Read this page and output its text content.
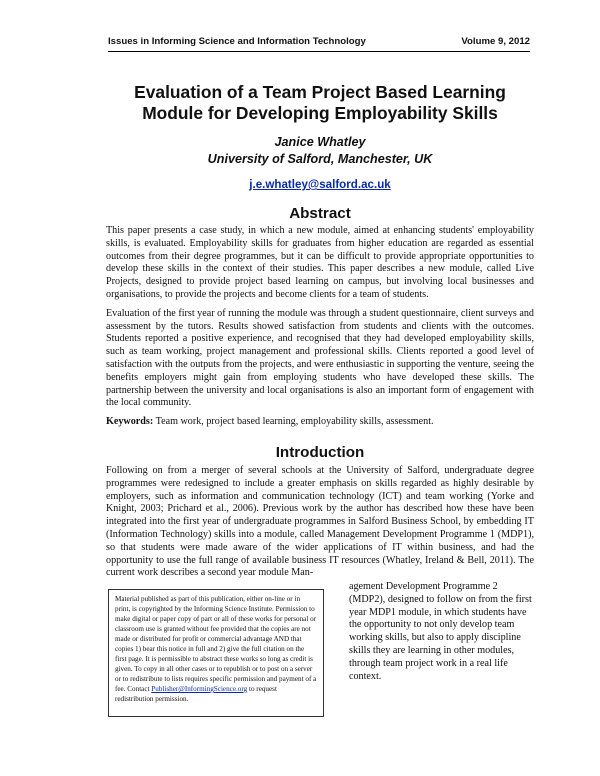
Issues in Informing Science and Information Technology	Volume 9, 2012
Evaluation of a Team Project Based Learning
Module for Developing Employability Skills
Janice Whatley
University of Salford, Manchester, UK
j.e.whatley@salford.ac.uk
Abstract

This paper presents a case study, in which a new module, aimed at enhancing students' employability skills, is evaluated. Employability skills for graduates from higher education are regarded as essential outcomes from their degree programmes, but it can be difficult to provide appropriate opportunities to develop these skills in the context of their studies. This paper describes a new module, called Live Projects, designed to provide project based learning on campus, but involving local businesses and organisations, to provide the projects and become clients for a team of students.

Evaluation of the first year of running the module was through a student questionnaire, client surveys and assessment by the tutors. Results showed satisfaction from students and clients with the outcomes. Students reported a positive experience, and recognised that they had developed employability skills, such as team working, project management and professional skills. Clients reported a good level of satisfaction with the outputs from the projects, and were enthusiastic in supporting the venture, seeing the benefits employers might gain from employing students who have developed these skills. The partnership between the university and local organisations is also an important form of engagement with the local community.

Keywords: Team work, project based learning, employability skills, assessment.

Introduction

Following on from a merger of several schools at the University of Salford, undergraduate degree programmes were redesigned to include a greater emphasis on skills regarded as highly desirable by employers, such as information and communication technology (ICT) and team working (Yorke and Knight, 2003; Prichard et al., 2006). Previous work by the author has described how these have been integrated into the first year of undergraduate programmes in Salford Business School, by embedding IT (Information Technology) skills into a module, called Management Development Programme 1 (MDP1), so that students were made aware of the wider applications of IT within business, and had the opportunity to use the full range of available business IT resources (Whatley, Ireland & Bell, 2011). The current work describes a second year module Man-

Material published as part of this publication, either on-line or in print, is copyrighted by the Informing Science Institute. Permission to make digital or paper copy of part or all of these works for personal or classroom use is granted without fee provided that the copies are not made or distributed for profit or commercial advantage AND that copies 1) bear this notice in full and 2) give the full citation on the first page. It is permissible to abstract these works so long as credit is given. To copy in all other cases or to republish or to post on a server or to redistribute to lists requires specific permission and payment of a fee. Contact Publisher@InformingScience.org to request redistribution permission.
agement Development Programme 2 (MDP2), designed to follow on from the first year MDP1 module, in which students have the opportunity to not only develop team working skills, but also to apply discipline skills they are learning in other modules, through team project work in a real life context.
